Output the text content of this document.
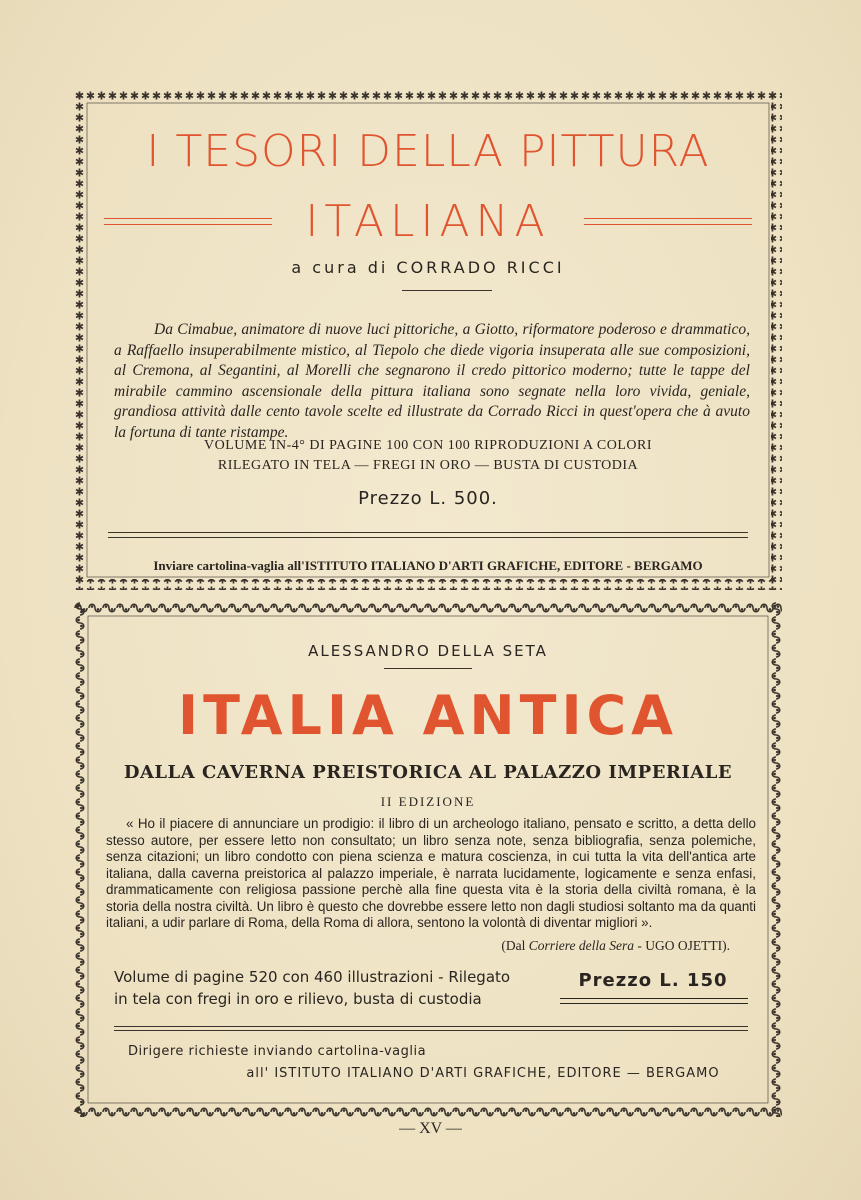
I TESORI DELLA PITTURA
ITALIANA
a cura di CORRADO RICCI

Da Cimabue, animatore di nuove luci pittoriche, a Giotto, riformatore poderoso e drammatico, a Raffaello insuperabilmente mistico, al Tiepolo che diede vigoria insuperata alle sue composizioni, al Cremona, al Segantini, al Morelli che segnarono il credo pittorico moderno; tutte le tappe del mirabile cammino ascensionale della pittura italiana sono segnate nella loro vivida, geniale, grandiosa attività dalle cento tavole scelte ed illustrate da Corrado Ricci in quest'opera che à avuto la fortuna di tante ristampe.

VOLUME IN-4° DI PAGINE 100 CON 100 RIPRODUZIONI A COLORI
RILEGATO IN TELA — FREGI IN ORO — BUSTA DI CUSTODIA
Prezzo L. 500.
Inviare cartolina-vaglia all'ISTITUTO ITALIANO D'ARTI GRAFICHE, EDITORE - BERGAMO
ALESSANDRO DELLA SETA
ITALIA ANTICA
DALLA CAVERNA PREISTORICA AL PALAZZO IMPERIALE
II EDIZIONE

« Ho il piacere di annunciare un prodigio: il libro di un archeologo italiano, pensato e scritto, a detta dello stesso autore, per essere letto non consultato; un libro senza note, senza bibliografia, senza polemiche, senza citazioni; un libro condotto con piena scienza e matura coscienza, in cui tutta la vita dell'antica arte italiana, dalla caverna preistorica al palazzo imperiale, è narrata lucidamente, logicamente e senza enfasi, drammaticamente con religiosa passione perchè alla fine questa vita è la storia della civiltà romana, è la storia della nostra civiltà. Un libro è questo che dovrebbe essere letto non dagli studiosi soltanto ma da quanti italiani, a udir parlare di Roma, della Roma di allora, sentono la volontà di diventar migliori ».

(Dal Corriere della Sera - UGO OJETTI).
Volume di pagine 520 con 460 illustrazioni - Rilegato
in tela con fregi in oro e rilievo, busta di custodia
Prezzo L. 150
Dirigere richieste inviando cartolina-vaglia
all' ISTITUTO ITALIANO D'ARTI GRAFICHE, EDITORE — BERGAMO
— XV —
